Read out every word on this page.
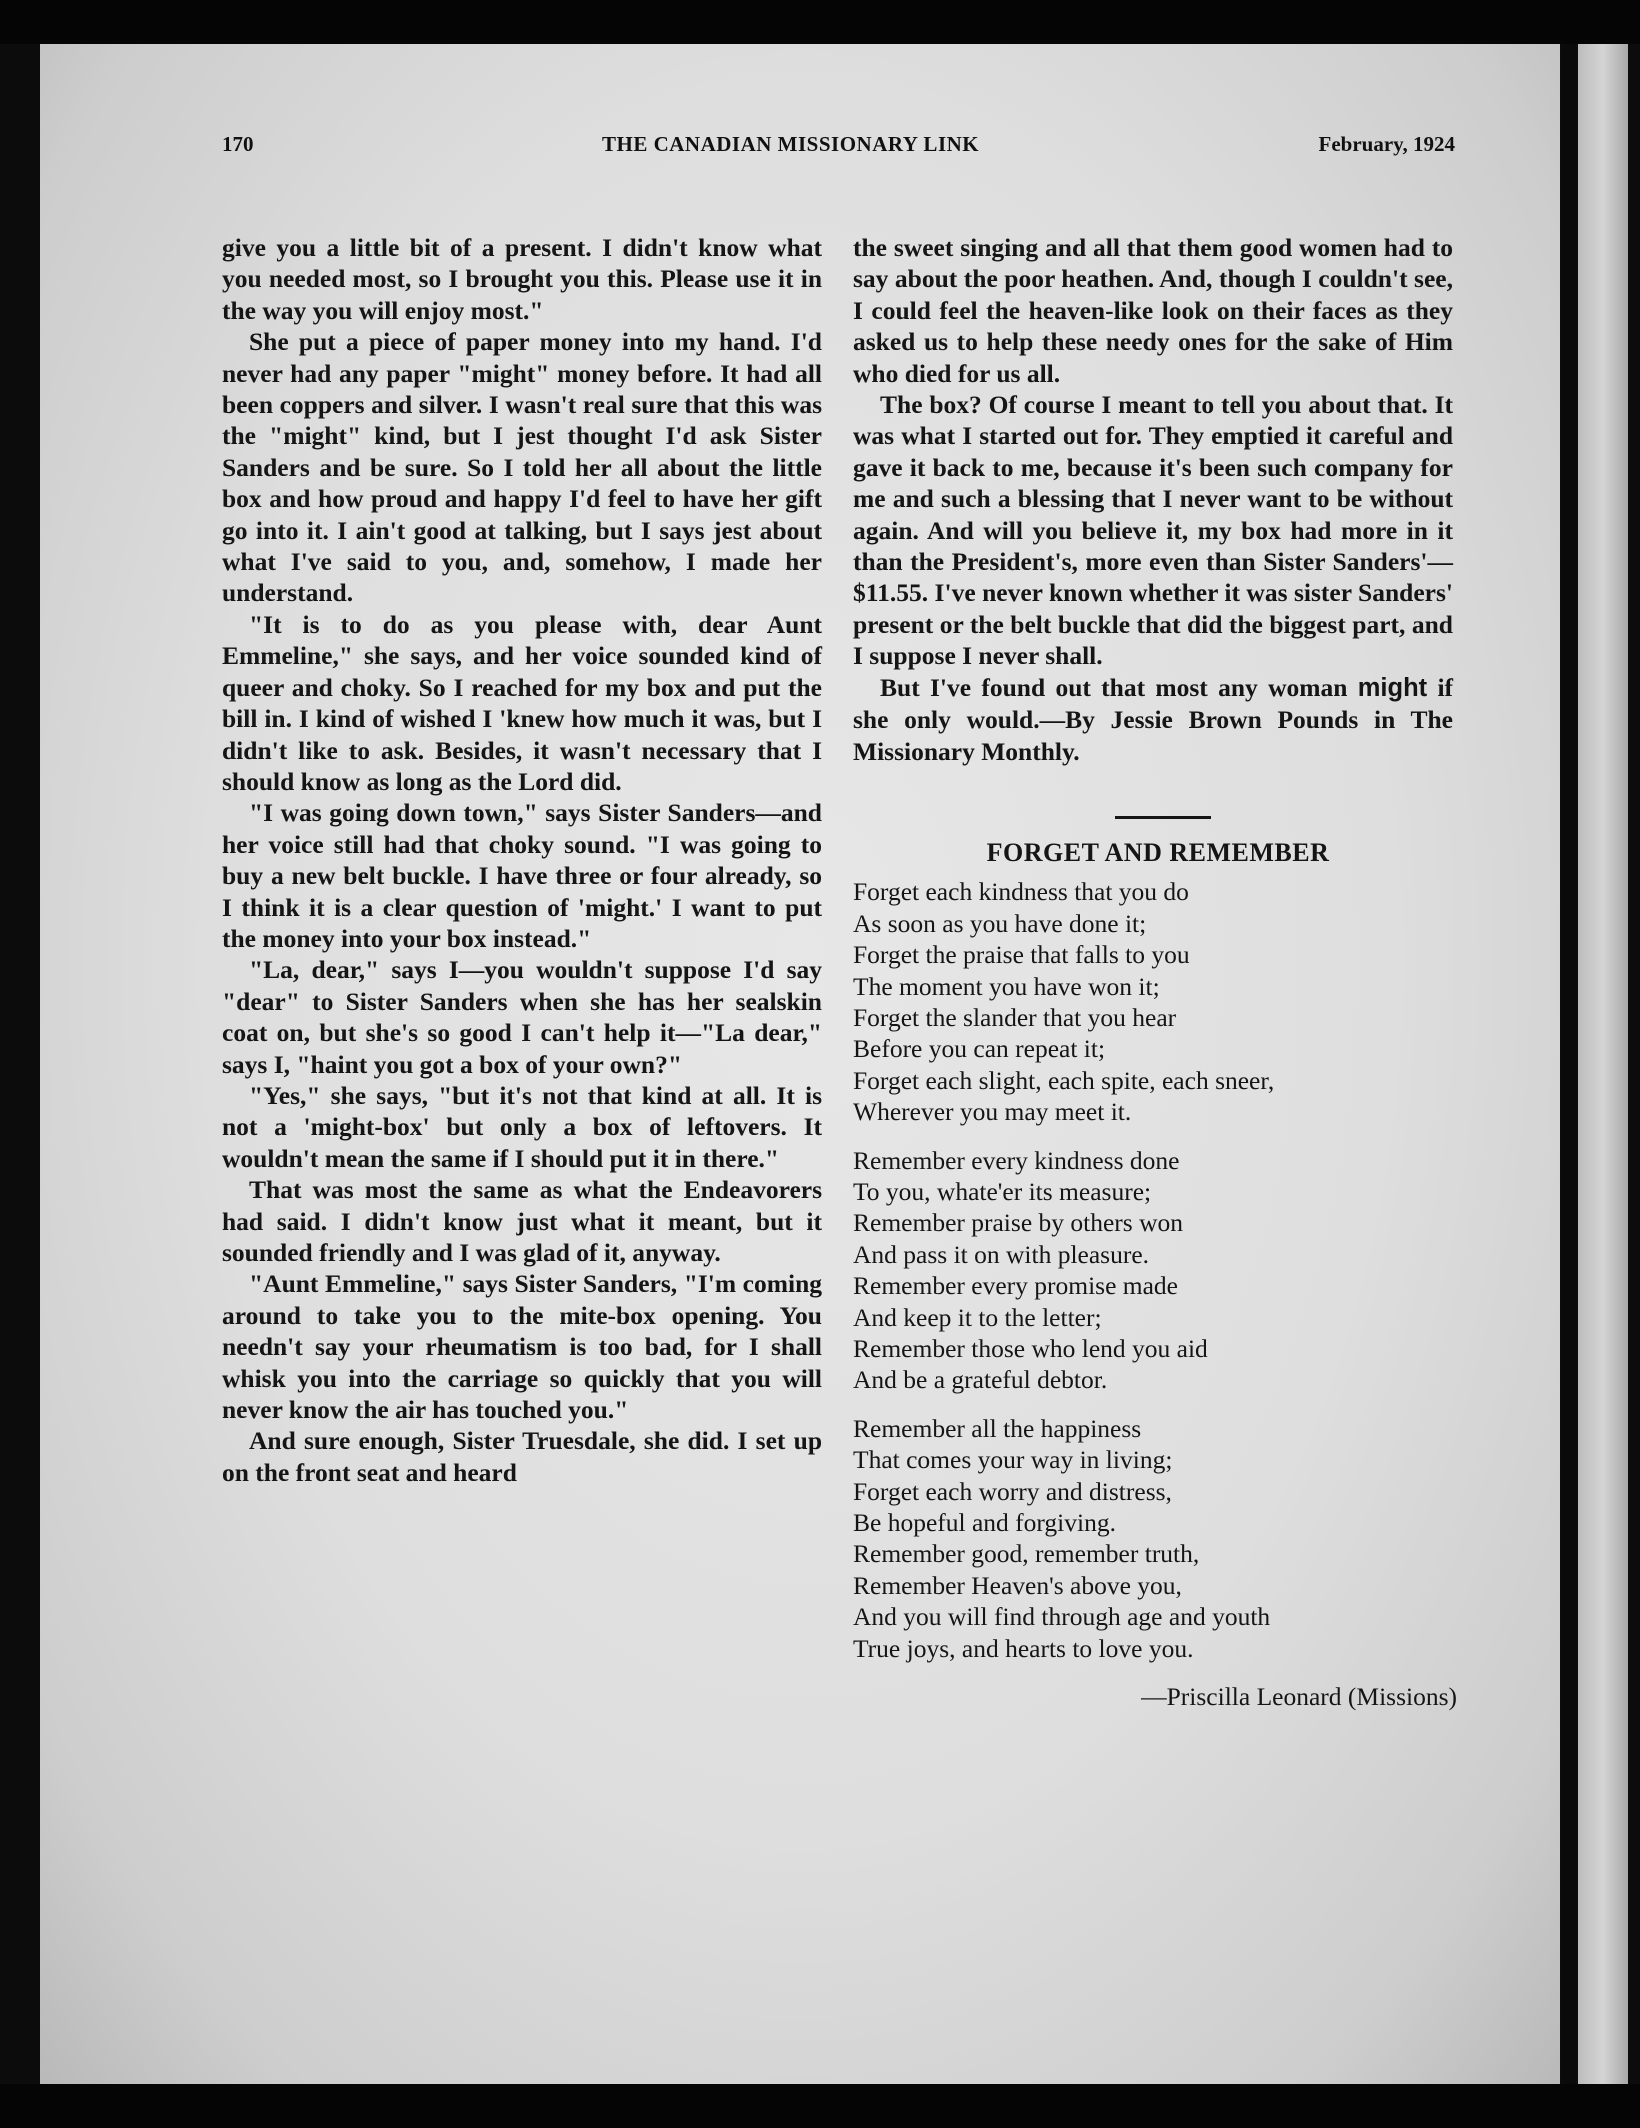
170	THE CANADIAN MISSIONARY LINK	February, 1924

give you a little bit of a present. I didn't know what you needed most, so I brought you this. Please use it in the way you will enjoy most."

She put a piece of paper money into my hand. I'd never had any paper "might" money before. It had all been coppers and silver. I wasn't real sure that this was the "might" kind, but I jest thought I'd ask Sister Sanders and be sure. So I told her all about the little box and how proud and happy I'd feel to have her gift go into it. I ain't good at talking, but I says jest about what I've said to you, and, somehow, I made her understand.

"It is to do as you please with, dear Aunt Emmeline," she says, and her voice sounded kind of queer and choky. So I reached for my box and put the bill in. I kind of wished I 'knew how much it was, but I didn't like to ask. Besides, it wasn't necessary that I should know as long as the Lord did.

"I was going down town," says Sister Sanders—and her voice still had that choky sound. "I was going to buy a new belt buckle. I have three or four already, so I think it is a clear question of 'might.' I want to put the money into your box instead."

"La, dear," says I—you wouldn't suppose I'd say "dear" to Sister Sanders when she has her sealskin coat on, but she's so good I can't help it—"La dear," says I, "haint you got a box of your own?"

"Yes," she says, "but it's not that kind at all. It is not a 'might-box' but only a box of leftovers. It wouldn't mean the same if I should put it in there."

That was most the same as what the Endeavorers had said. I didn't know just what it meant, but it sounded friendly and I was glad of it, anyway.

"Aunt Emmeline," says Sister Sanders, "I'm coming around to take you to the mite-box opening. You needn't say your rheumatism is too bad, for I shall whisk you into the carriage so quickly that you will never know the air has touched you."

And sure enough, Sister Truesdale, she did. I set up on the front seat and heard

the sweet singing and all that them good women had to say about the poor heathen. And, though I couldn't see, I could feel the heaven-like look on their faces as they asked us to help these needy ones for the sake of Him who died for us all.

The box? Of course I meant to tell you about that. It was what I started out for. They emptied it careful and gave it back to me, because it's been such company for me and such a blessing that I never want to be without again. And will you believe it, my box had more in it than the President's, more even than Sister Sanders'—$11.55. I've never known whether it was sister Sanders' present or the belt buckle that did the biggest part, and I suppose I never shall.

But I've found out that most any woman might if she only would.—By Jessie Brown Pounds in The Missionary Monthly.

FORGET AND REMEMBER
Forget each kindness that you do
As soon as you have done it;
Forget the praise that falls to you
The moment you have won it;
Forget the slander that you hear
Before you can repeat it;
Forget each slight, each spite, each sneer,
Wherever you may meet it.
Remember every kindness done
To you, whate'er its measure;
Remember praise by others won
And pass it on with pleasure.
Remember every promise made
And keep it to the letter;
Remember those who lend you aid
And be a grateful debtor.
Remember all the happiness
That comes your way in living;
Forget each worry and distress,
Be hopeful and forgiving.
Remember good, remember truth,
Remember Heaven's above you,
And you will find through age and youth
True joys, and hearts to love you.
—Priscilla Leonard (Missions)
